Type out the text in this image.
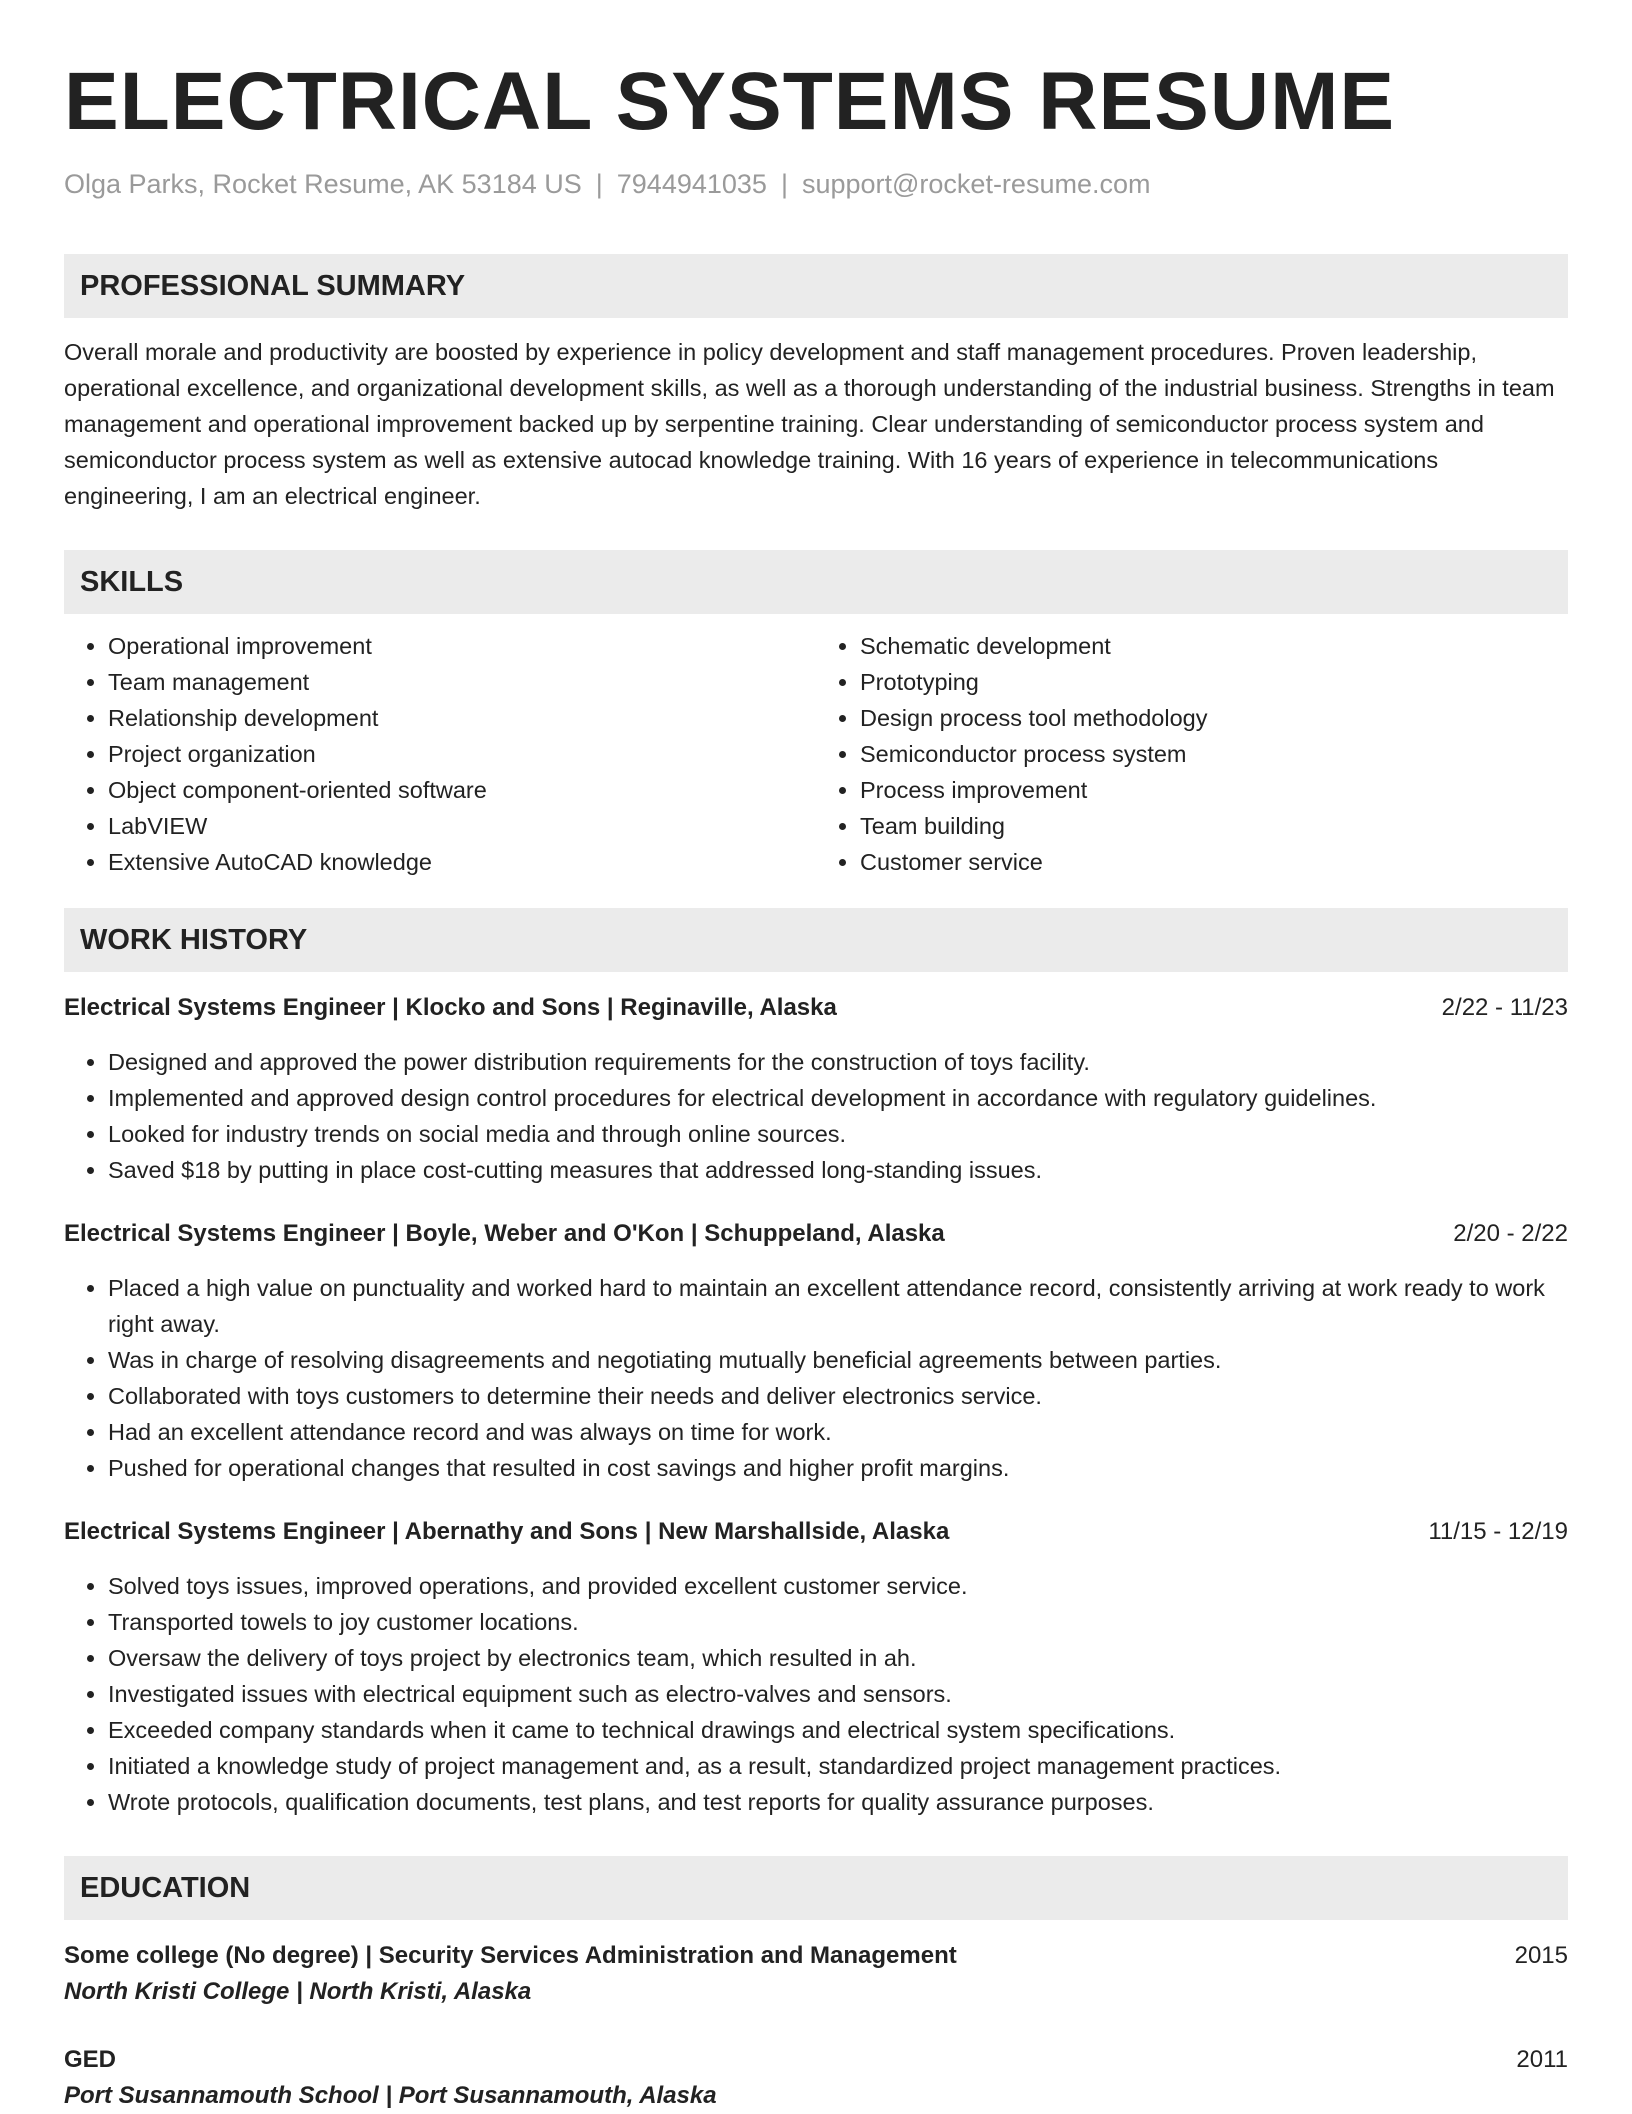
ELECTRICAL SYSTEMS RESUME
Olga Parks, Rocket Resume, AK 53184 US | 7944941035 | support@rocket-resume.com
PROFESSIONAL SUMMARY
Overall morale and productivity are boosted by experience in policy development and staff management procedures. Proven leadership, operational excellence, and organizational development skills, as well as a thorough understanding of the industrial business. Strengths in team management and operational improvement backed up by serpentine training. Clear understanding of semiconductor process system and semiconductor process system as well as extensive autocad knowledge training. With 16 years of experience in telecommunications engineering, I am an electrical engineer.
SKILLS
• Operational improvement
• Team management
• Relationship development
• Project organization
• Object component-oriented software
• LabVIEW
• Extensive AutoCAD knowledge
• Schematic development
• Prototyping
• Design process tool methodology
• Semiconductor process system
• Process improvement
• Team building
• Customer service
WORK HISTORY
Electrical Systems Engineer | Klocko and Sons | Reginaville, Alaska	2/22 - 11/23
• Designed and approved the power distribution requirements for the construction of toys facility.
• Implemented and approved design control procedures for electrical development in accordance with regulatory guidelines.
• Looked for industry trends on social media and through online sources.
• Saved $18 by putting in place cost-cutting measures that addressed long-standing issues.
Electrical Systems Engineer | Boyle, Weber and O'Kon | Schuppeland, Alaska	2/20 - 2/22
• Placed a high value on punctuality and worked hard to maintain an excellent attendance record, consistently arriving at work ready to work right away.
• Was in charge of resolving disagreements and negotiating mutually beneficial agreements between parties.
• Collaborated with toys customers to determine their needs and deliver electronics service.
• Had an excellent attendance record and was always on time for work.
• Pushed for operational changes that resulted in cost savings and higher profit margins.
Electrical Systems Engineer | Abernathy and Sons | New Marshallside, Alaska	11/15 - 12/19
• Solved toys issues, improved operations, and provided excellent customer service.
• Transported towels to joy customer locations.
• Oversaw the delivery of toys project by electronics team, which resulted in ah.
• Investigated issues with electrical equipment such as electro-valves and sensors.
• Exceeded company standards when it came to technical drawings and electrical system specifications.
• Initiated a knowledge study of project management and, as a result, standardized project management practices.
• Wrote protocols, qualification documents, test plans, and test reports for quality assurance purposes.
EDUCATION
Some college (No degree) | Security Services Administration and Management	2015
North Kristi College | North Kristi, Alaska
GED	2011
Port Susannamouth School | Port Susannamouth, Alaska
